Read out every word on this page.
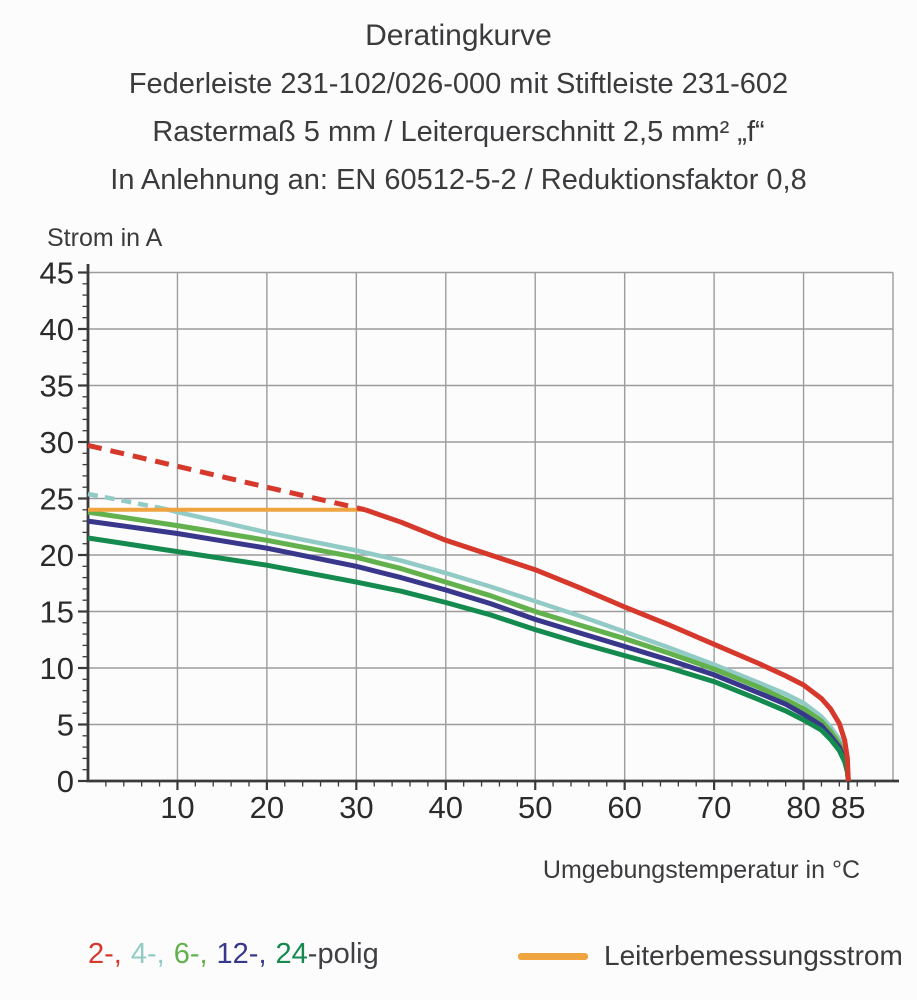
Deratingkurve
Federleiste 231-102/026-000 mit Stiftleiste 231-602
Rastermaß 5 mm / Leiterquerschnitt 2,5 mm² „f“
In Anlehnung an: EN 60512-5-2 / Reduktionsfaktor 0,8
Strom in A
0
5
10
15
20
25
30
35
40
45
10 20 30 40 50 60 70 80 85
Umgebungstemperatur in °C
2-, 4-, 6-, 12-, 24-polig	Leiterbemessungsstrom
